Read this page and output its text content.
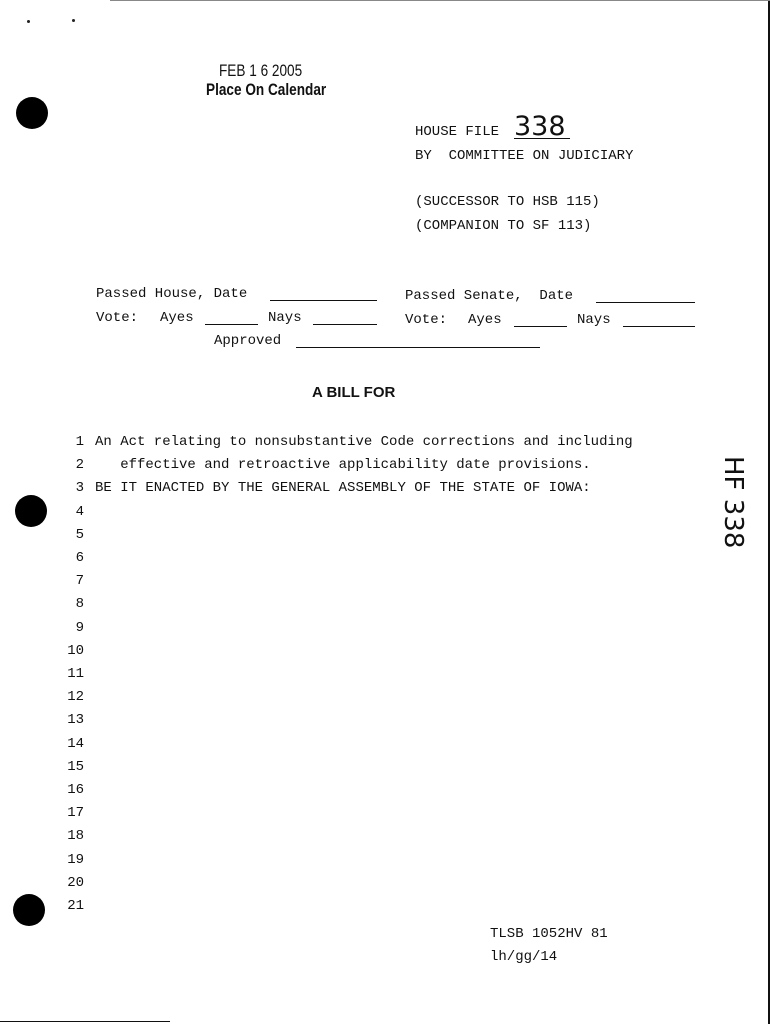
FEB 1 6 2005
Place On Calendar
HOUSE FILE 338
BY  COMMITTEE ON JUDICIARY
(SUCCESSOR TO HSB 115)
(COMPANION TO SF 113)
Passed House, Date	Passed Senate,  Date
Vote: Ayes	Nays	Vote: Ayes	Nays
Approved
A BILL FOR
1 An Act relating to nonsubstantive Code corrections and including
2 effective and retroactive applicability date provisions.
3 BE IT ENACTED BY THE GENERAL ASSEMBLY OF THE STATE OF IOWA:
4
5
6
7
8
9
10
11
12
13
14
15
16
17
18
19
20
21
HF 338
TLSB 1052HV 81
lh/gg/14
